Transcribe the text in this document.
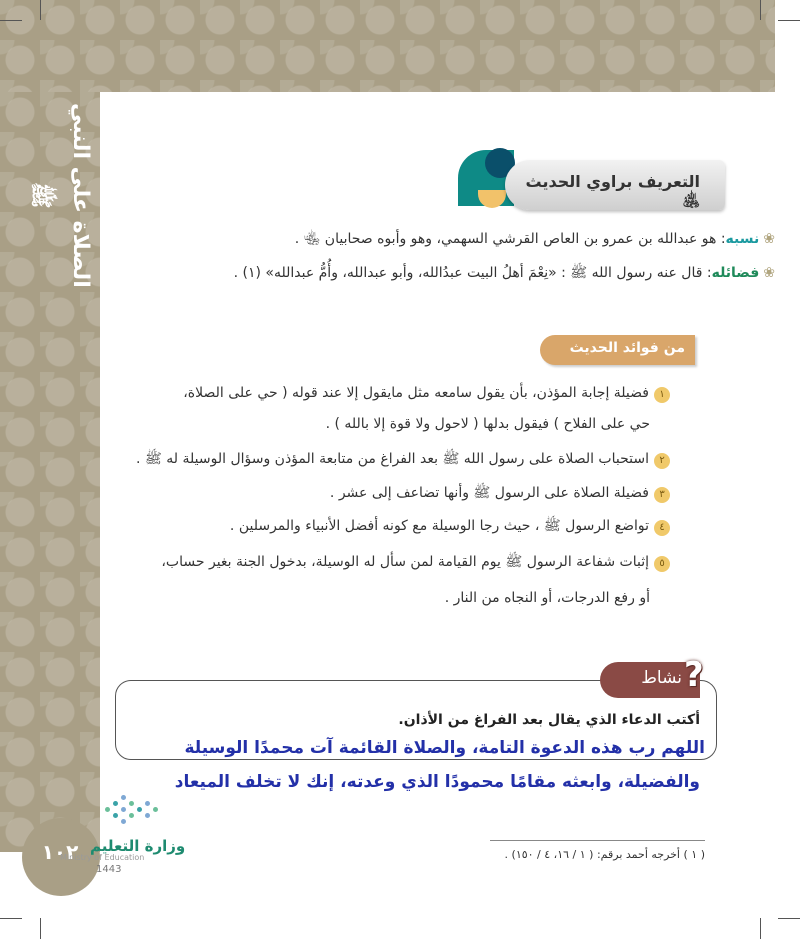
الصلاة على النبي ﷺ
التعريف براوي الحديث ﵁
❀نسبه: هو عبدالله بن عمرو بن العاص القرشي السهمي، وهو وأبوه صحابيان ﵄ .
❀فضائله: قال عنه رسول الله ﷺ : «نِعْمَ أهلُ البيت عبدُالله، وأبو عبدالله، وأُمُّ عبدالله» (١) .
من فوائد الحديث
١فضيلة إجابة المؤذن، بأن يقول سامعه مثل مايقول إلا عند قوله ( حي على الصلاة،
حي على الفلاح ) فيقول بدلها ( لاحول ولا قوة إلا بالله ) .
٢استحباب الصلاة على رسول الله ﷺ بعد الفراغ من متابعة المؤذن وسؤال الوسيلة له ﷺ .
٣فضيلة الصلاة على الرسول ﷺ وأنها تضاعف إلى عشر .
٤تواضع الرسول ﷺ ، حيث رجا الوسيلة مع كونه أفضل الأنبياء والمرسلين .
٥إثبات شفاعة الرسول ﷺ يوم القيامة لمن سأل له الوسيلة، بدخول الجنة بغير حساب،
أو رفع الدرجات، أو النجاه من النار .
نشاط ?
أكتب الدعاء الذي يقال بعد الفراغ من الأذان.
اللهم رب هذه الدعوة التامة، والصلاة القائمة آت محمدًا الوسيلة
والفضيلة، وابعثه مقامًا محمودًا الذي وعدته، إنك لا تخلف الميعاد
( ١ ) أخرجه أحمد برقم: ( ١ / ١٦، ٤ / ١٥٠) .
١٠٢ وزارة التعليم
Ministry of Education
1443
